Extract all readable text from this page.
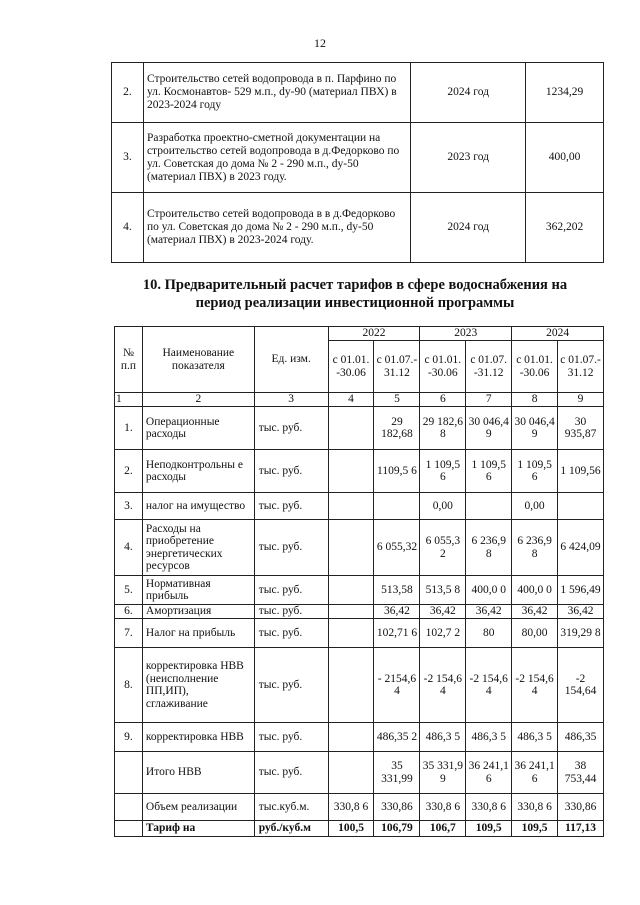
12
2.	Строительство сетей водопровода в п. Парфино по ул. Космонавтов- 529 м.п., dy-90 (материал ПВХ) в 2023-2024 году	2024 год	1234,29
3.	Разработка проектно-сметной документации на строительство сетей водопровода в д.Федорково по ул. Советская до дома № 2 - 290 м.п., dy-50 (материал ПВХ) в 2023 году.	2023 год	400,00
4.	Строительство сетей водопровода в в д.Федорково по ул. Советская до дома № 2 - 290 м.п., dy-50 (материал ПВХ) в 2023-2024 году.	2024 год	362,202
10. Предварительный расчет тарифов в сфере водоснабжения на
период реализации инвестиционной программы
№ п.п	Наименование показателя	Ед. изм.	2022		2023		2024	
			с 01.01. -30.06	с 01.07.- 31.12	с 01.01. -30.06	с 01.07. -31.12	с 01.01. -30.06	с 01.07.- 31.12
1	2	3	4	5	6	7	8	9
1.	Операционные расходы	тыс. руб.		29 182,68	29 182,6 8	30 046,4 9	30 046,4 9	30 935,87
2.	Неподконтрольны е расходы	тыс. руб.		1109,5 6	1 109,5 6	1 109,5 6	1 109,5 6	1 109,56
3.	налог на имущество	тыс. руб.			0,00		0,00	
4.	Расходы на приобретение энергетических ресурсов	тыс. руб.		6 055,32	6 055,3 2	6 236,9 8	6 236,9 8	6 424,09
5.	Нормативная прибыль	тыс. руб.		513,58	513,5 8	400,0 0	400,0 0	1 596,49
6.	Амортизация	тыс. руб.		36,42	36,42	36,42	36,42	36,42
7.	Налог на прибыль	тыс. руб.		102,71 6	102,7 2	80	80,00	319,29 8
8.	корректировка НВВ (неисполнение ПП,ИП), сглаживание	тыс. руб.		- 2154,6 4	-2 154,6 4	-2 154,6 4	-2 154,6 4	-2 154,64
9.	корректировка НВВ	тыс. руб.		486,35 2	486,3 5	486,3 5	486,3 5	486,35
	Итого НВВ	тыс. руб.		35 331,99	35 331,9 9	36 241,1 6	36 241,1 6	38 753,44
	Объем реализации	тыс.куб.м.	330,8 6	330,86	330,8 6	330,8 6	330,8 6	330,86
	Тариф на	руб./куб.м	100,5	106,79	106,7	109,5	109,5	117,13
